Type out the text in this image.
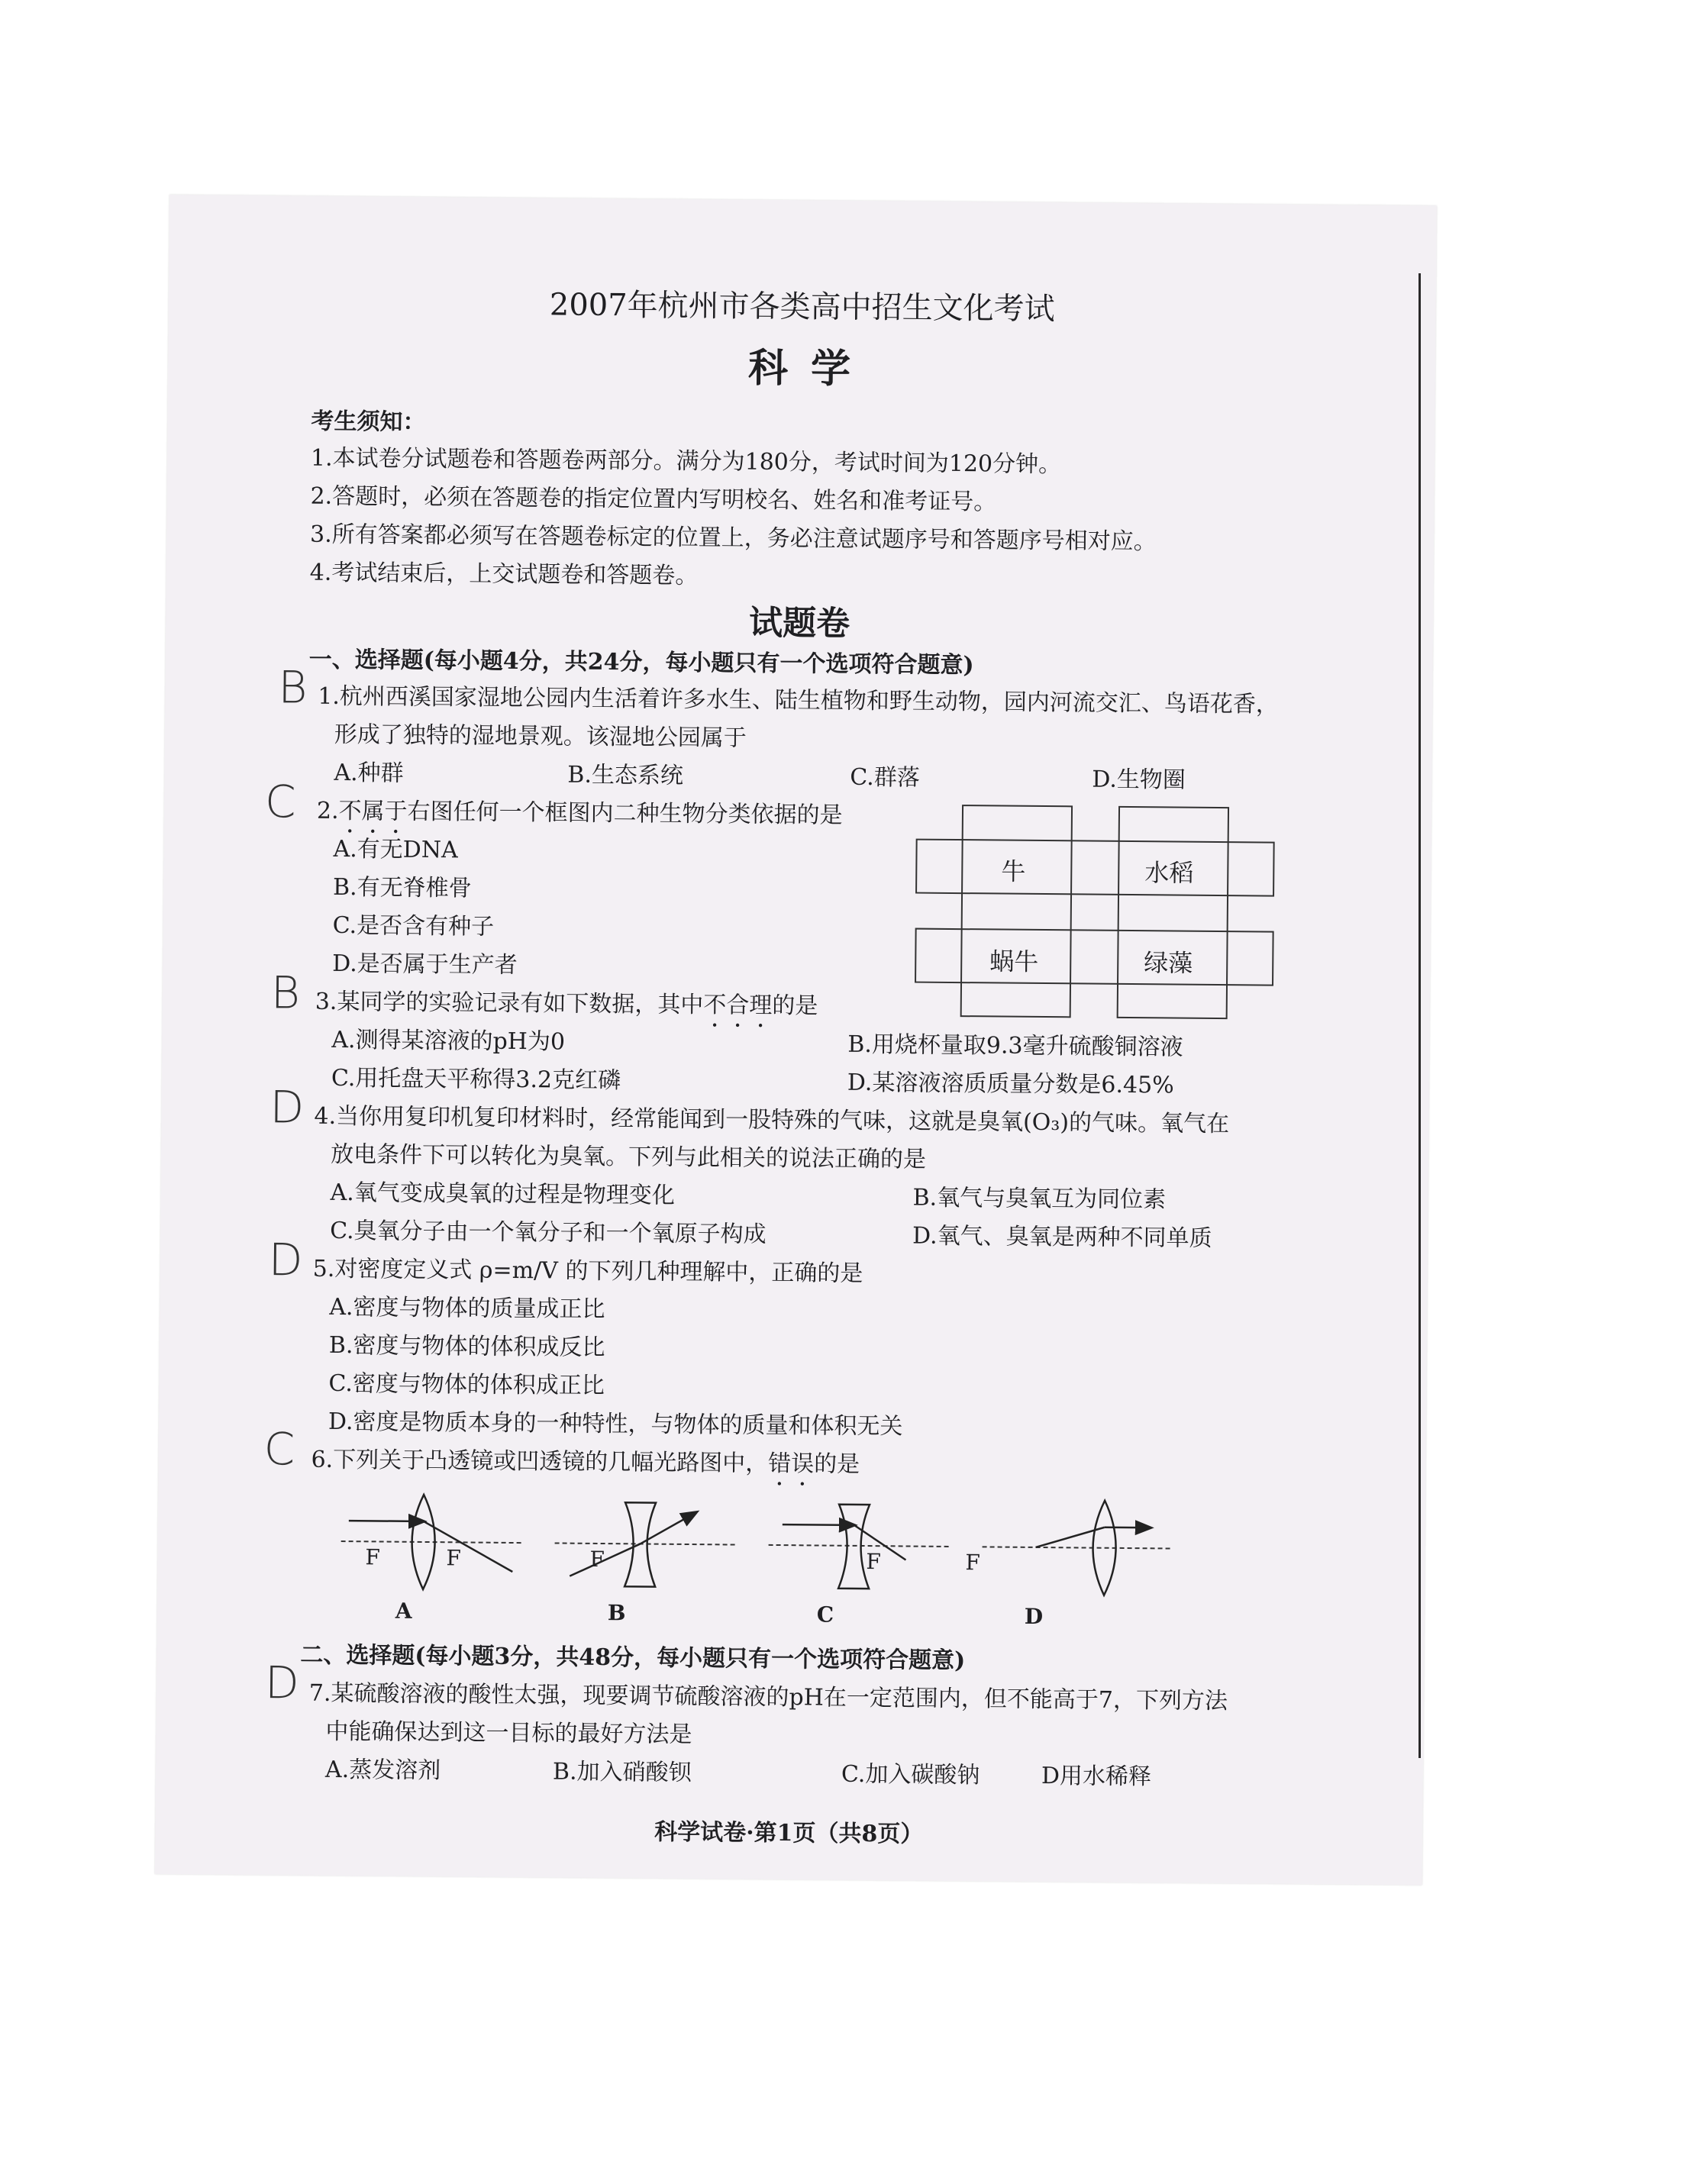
2007年杭州市各类高中招生文化考试
科 学
考生须知：
1.本试卷分试题卷和答题卷两部分。满分为180分，考试时间为120分钟。
2.答题时，必须在答题卷的指定位置内写明校名、姓名和准考证号。
3.所有答案都必须写在答题卷标定的位置上，务必注意试题序号和答题序号相对应。
4.考试结束后，上交试题卷和答题卷。
试题卷
一、选择题(每小题4分，共24分，每小题只有一个选项符合题意)
B 1.杭州西溪国家湿地公园内生活着许多水生、陆生植物和野生动物，园内河流交汇、鸟语花香，
形成了独特的湿地景观。该湿地公园属于
A.种群	B.生态系统	C.群落	D.生物圈
C 2.不属于右图任何一个框图内二种生物分类依据的是
A.有无DNA
B.有无脊椎骨
C.是否含有种子
D.是否属于生产者
牛	水稻
蜗牛	绿藻
B 3.某同学的实验记录有如下数据，其中不合理的是
A.测得某溶液的pH为0	B.用烧杯量取9.3毫升硫酸铜溶液
C.用托盘天平称得3.2克红磷	D.某溶液溶质质量分数是6.45%
D 4.当你用复印机复印材料时，经常能闻到一股特殊的气味，这就是臭氧(O₃)的气味。氧气在
放电条件下可以转化为臭氧。下列与此相关的说法正确的是
A.氧气变成臭氧的过程是物理变化	B.氧气与臭氧互为同位素
C.臭氧分子由一个氧分子和一个氧原子构成	D.氧气、臭氧是两种不同单质
D 5.对密度定义式 ρ=m/V 的下列几种理解中，正确的是
A.密度与物体的质量成正比
B.密度与物体的体积成反比
C.密度与物体的体积成正比
D.密度是物质本身的一种特性，与物体的质量和体积无关
C 6.下列关于凸透镜或凹透镜的几幅光路图中，错误的是
F	F	F	F	F
A	B	C	D
二、选择题(每小题3分，共48分，每小题只有一个选项符合题意)
D 7.某硫酸溶液的酸性太强，现要调节硫酸溶液的pH在一定范围内，但不能高于7，下列方法
中能确保达到这一目标的最好方法是
A.蒸发溶剂	B.加入硝酸钡	C.加入碳酸钠	D用水稀释
科学试卷·第1页（共8页）
